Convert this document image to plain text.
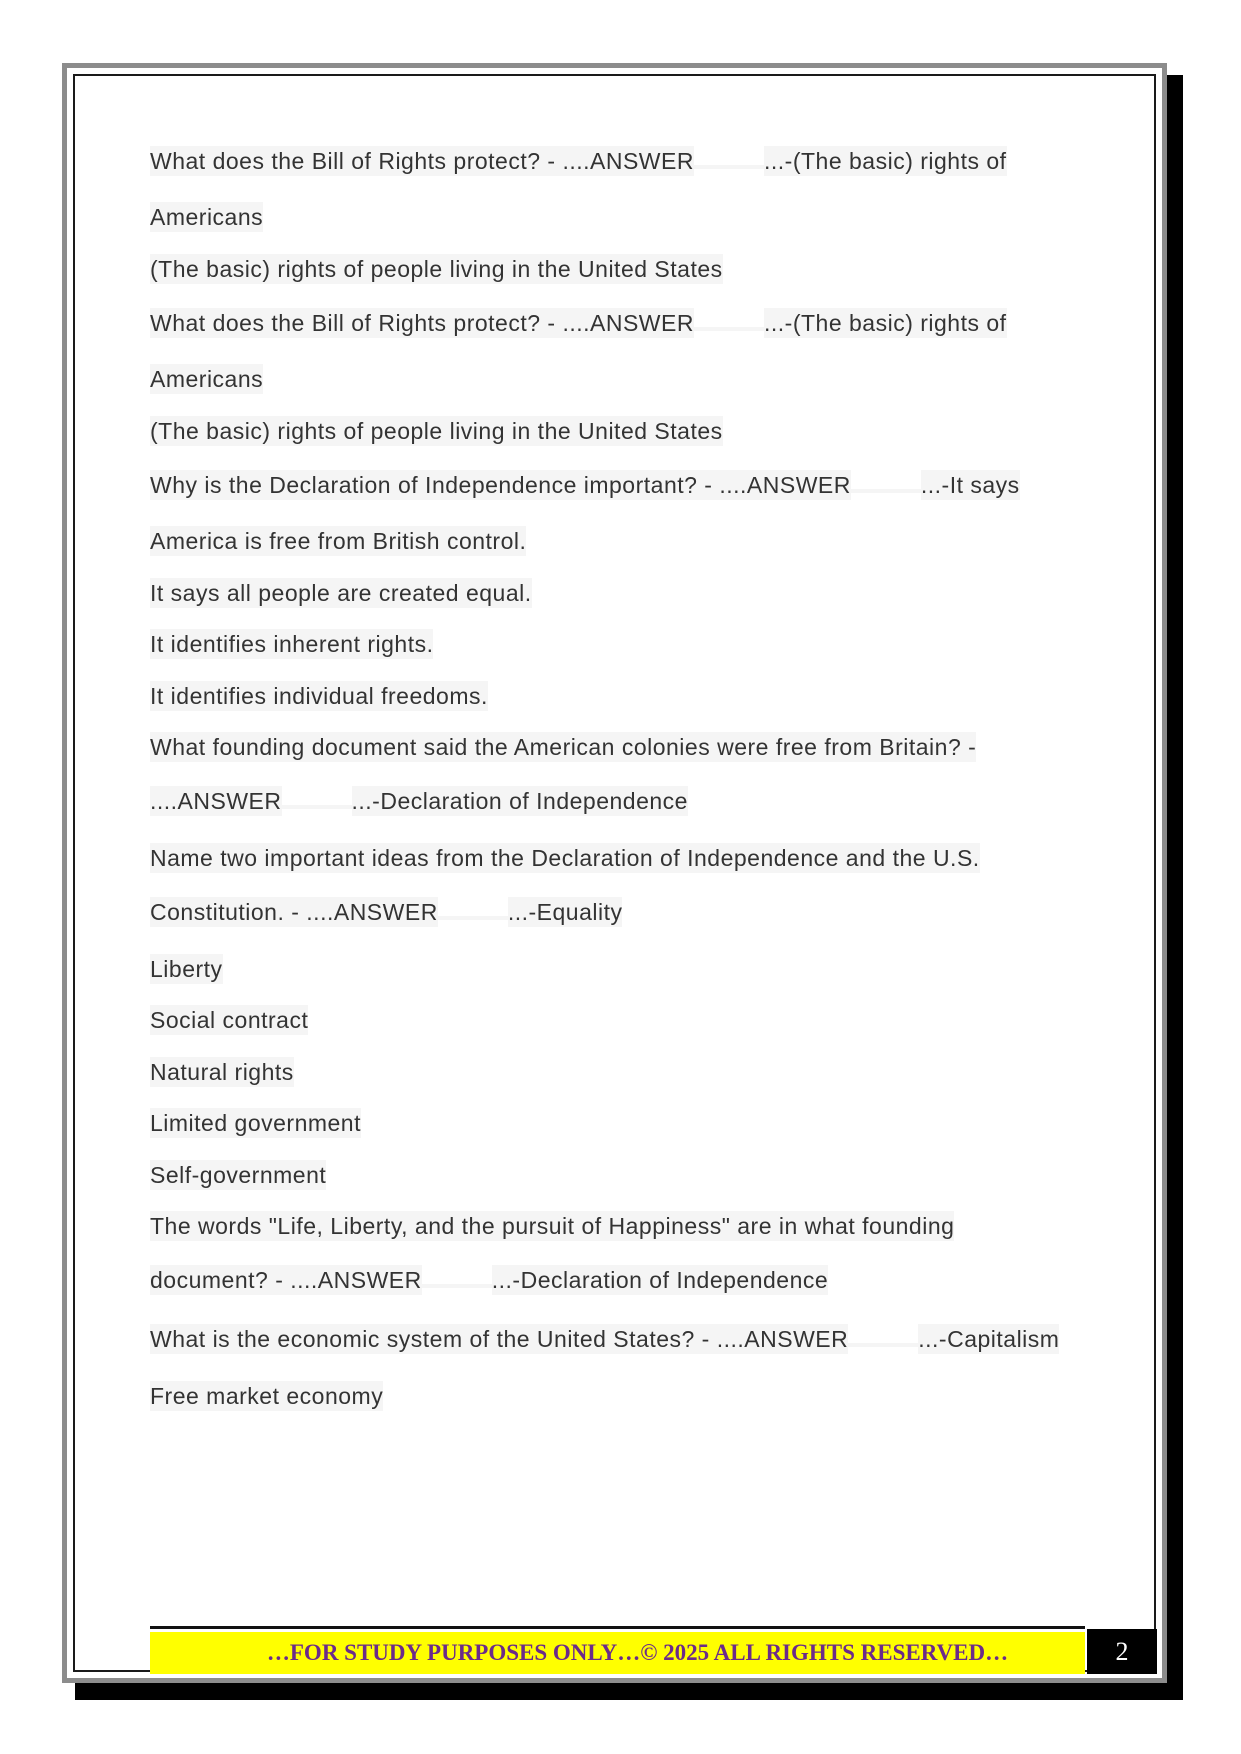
What does the Bill of Rights protect? - ....ANSWER	...-(The basic) rights of
Americans
(The basic) rights of people living in the United States
What does the Bill of Rights protect? - ....ANSWER	...-(The basic) rights of
Americans
(The basic) rights of people living in the United States
Why is the Declaration of Independence important? - ....ANSWER	...-It says
America is free from British control.
It says all people are created equal.
It identifies inherent rights.
It identifies individual freedoms.
What founding document said the American colonies were free from Britain? -
....ANSWER	...-Declaration of Independence
Name two important ideas from the Declaration of Independence and the U.S.
Constitution. - ....ANSWER	...-Equality
Liberty
Social contract
Natural rights
Limited government
Self-government
The words "Life, Liberty, and the pursuit of Happiness" are in what founding
document? - ....ANSWER	...-Declaration of Independence
What is the economic system of the United States? - ....ANSWER	...-Capitalism
Free market economy
…FOR STUDY PURPOSES ONLY…© 2025 ALL RIGHTS RESERVED…	2
